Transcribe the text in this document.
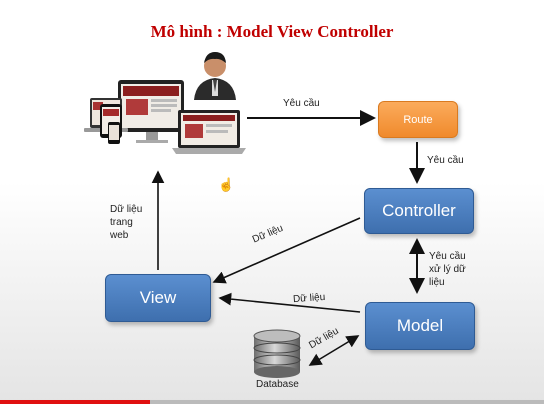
Mô hình : Model View Controller
☝
Route
Controller
View
Model
Database
Yêu cầu
Yêu cầu
Yêu cầu
xử lý dữ
liệu
Dữ liệu
Dữ liệu
Dữ liệu
Dữ liệu
trang
web
